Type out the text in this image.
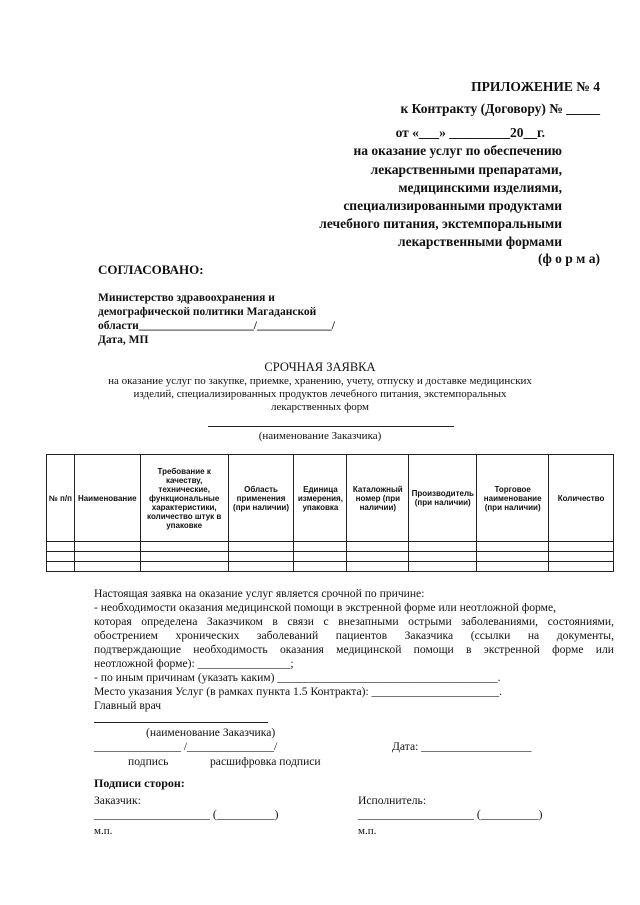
ПРИЛОЖЕНИЕ № 4
к Контракту (Договору) № _____
от «___» _________20__г.
на оказание услуг по обеспечению
лекарственными препаратами,
медицинскими изделиями,
специализированными продуктами
лечебного питания, экстемпоральными
лекарственными формами
(ф о р м а)
СОГЛАСОВАНО:
Министерство здравоохранения и
демографической политики Магаданской
области____________________/_____________/
Дата, МП
СРОЧНАЯ ЗАЯВКА
на оказание услуг по закупке, приемке, хранению, учету, отпуску и доставке медицинских
изделий, специализированных продуктов лечебного питания, экстемпоральных
лекарственных форм
(наименование Заказчика)
№ п/п	Наименование	Требование к качеству, технические, функциональные характеристики, количество штук в упаковке	Область применения (при наличии)	Единица измерения, упаковка	Каталожный номер (при наличии)	Производитель (при наличии)	Торговое наименование (при наличии)	Количество

Настоящая заявка на оказание услуг является срочной по причине:
- необходимости оказания медицинской помощи в экстренной форме или неотложной форме,
которая определена Заказчиком в связи с внезапными острыми заболеваниями, состояниями,
обострением хронических заболеваний пациентов Заказчика (ссылки на документы,
подтверждающие необходимость оказания медицинской помощи в экстренной форме или
неотложной форме): ________________;
- по иным причинам (указать каким) ______________________________________.
Место указания Услуг (в рамках пункта 1.5 Контракта): ______________________.
Главный врач
(наименование Заказчика)
_______________ /_______________/	Дата: ___________________
подпись	расшифровка подписи
Подписи сторон:
Заказчик:	Исполнитель:
____________________ (__________)	____________________ (__________)
м.п.	м.п.
